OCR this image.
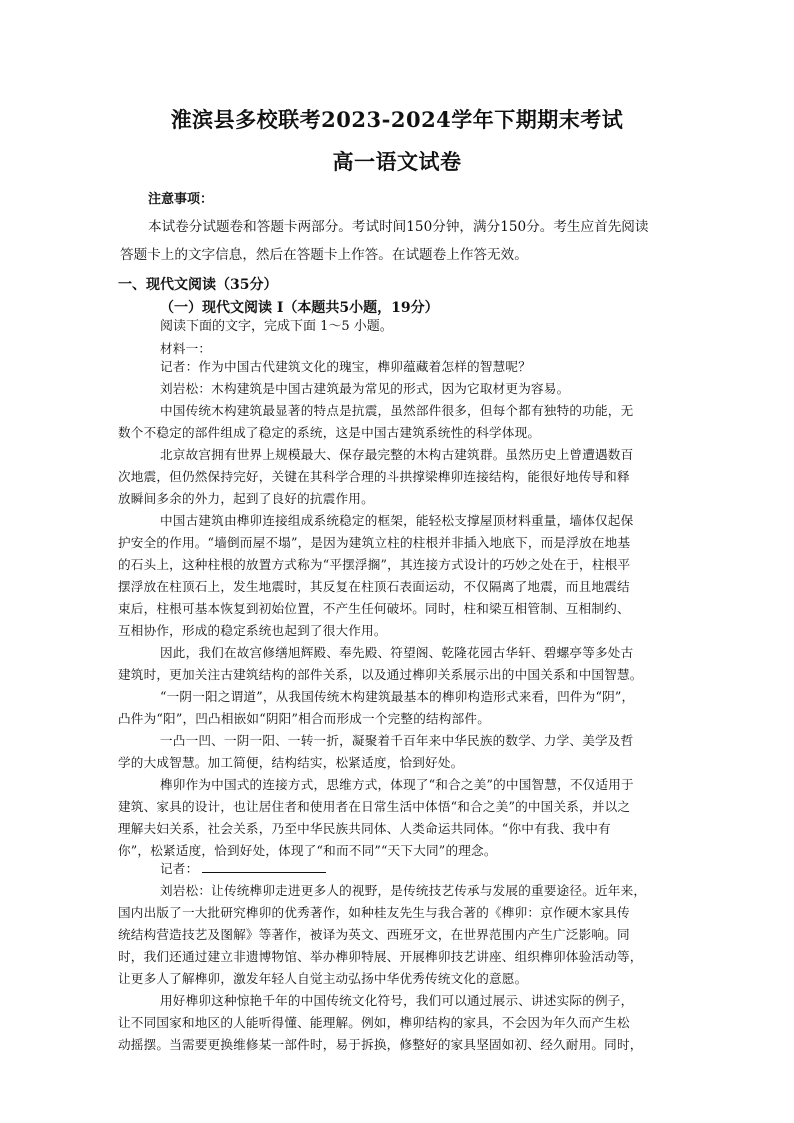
淮滨县多校联考2023-2024学年下期期末考试
高一语文试卷
注意事项：
本试卷分试题卷和答题卡两部分。考试时间150分钟，满分150分。考生应首先阅读
答题卡上的文字信息，然后在答题卡上作答。在试题卷上作答无效。
一、现代文阅读（35分）
（一）现代文阅读 I（本题共5小题，19分）
阅读下面的文字，完成下面 1～5 小题。
材料一：
记者：作为中国古代建筑文化的瑰宝，榫卯蕴藏着怎样的智慧呢？
刘岩松：木构建筑是中国古建筑最为常见的形式，因为它取材更为容易。
中国传统木构建筑最显著的特点是抗震，虽然部件很多，但每个都有独特的功能，无
数个不稳定的部件组成了稳定的系统，这是中国古建筑系统性的科学体现。
北京故宫拥有世界上规模最大、保存最完整的木构古建筑群。虽然历史上曾遭遇数百
次地震，但仍然保持完好，关键在其科学合理的斗拱撑梁榫卯连接结构，能很好地传导和释
放瞬间多余的外力，起到了良好的抗震作用。
中国古建筑由榫卯连接组成系统稳定的框架，能轻松支撑屋顶材料重量，墙体仅起保
护安全的作用。“墙倒而屋不塌”，是因为建筑立柱的柱根并非插入地底下，而是浮放在地基
的石头上，这种柱根的放置方式称为“平摆浮搁”，其连接方式设计的巧妙之处在于，柱根平
摆浮放在柱顶石上，发生地震时，其反复在柱顶石表面运动，不仅隔离了地震，而且地震结
束后，柱根可基本恢复到初始位置，不产生任何破坏。同时，柱和梁互相管制、互相制约、
互相协作，形成的稳定系统也起到了很大作用。
因此，我们在故宫修缮旭辉殿、奉先殿、符望阁、乾隆花园古华轩、碧螺亭等多处古
建筑时，更加关注古建筑结构的部件关系，以及通过榫卯关系展示出的中国关系和中国智慧。
“一阴一阳之谓道”，从我国传统木构建筑最基本的榫卯构造形式来看，凹件为“阴”，
凸件为“阳”，凹凸相嵌如“阴阳”相合而形成一个完整的结构部件。
一凸一凹、一阴一阳、一转一折，凝聚着千百年来中华民族的数学、力学、美学及哲
学的大成智慧。加工简便，结构结实，松紧适度，恰到好处。
榫卯作为中国式的连接方式，思维方式，体现了“和合之美”的中国智慧，不仅适用于
建筑、家具的设计，也让居住者和使用者在日常生活中体悟“和合之美”的中国关系，并以之
理解夫妇关系，社会关系，乃至中华民族共同体、人类命运共同体。“你中有我、我中有
你”，松紧适度，恰到好处，体现了“和而不同”“天下大同”的理念。
记者：
刘岩松：让传统榫卯走进更多人的视野，是传统技艺传承与发展的重要途径。近年来，
国内出版了一大批研究榫卯的优秀著作，如种桂友先生与我合著的《榫卯：京作硬木家具传
统结构营造技艺及图解》等著作，被译为英文、西班牙文，在世界范围内产生广泛影响。同
时，我们还通过建立非遗博物馆、举办榫卯特展、开展榫卯技艺讲座、组织榫卯体验活动等，
让更多人了解榫卯，激发年轻人自觉主动弘扬中华优秀传统文化的意愿。
用好榫卯这种惊艳千年的中国传统文化符号，我们可以通过展示、讲述实际的例子，
让不同国家和地区的人能听得懂、能理解。例如，榫卯结构的家具，不会因为年久而产生松
动摇摆。当需要更换维修某一部件时，易于拆换，修整好的家具坚固如初、经久耐用。同时，
